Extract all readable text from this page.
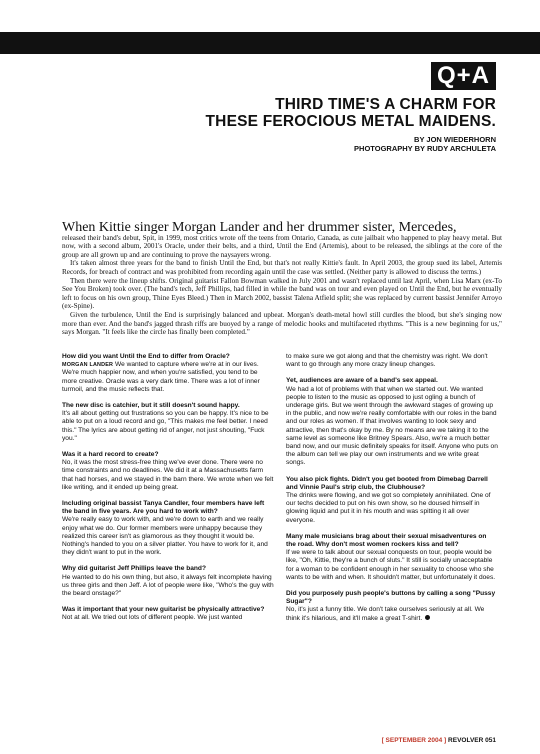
Q+A
THIRD TIME'S A CHARM FOR
THESE FEROCIOUS METAL MAIDENS.
BY JON WIEDERHORN
PHOTOGRAPHY BY RUDY ARCHULETA

When Kittie singer Morgan Lander and her drummer sister, Mercedes,
released their band's debut, Spit, in 1999, most critics wrote off the teens from Ontario, Canada, as cute jailbait who happened to play heavy metal. But now, with a second album, 2001's Oracle, under their belts, and a third, Until the End (Artemis), about to be released, the siblings at the core of the group are all grown up and are continuing to prove the naysayers wrong.

It's taken almost three years for the band to finish Until the End, but that's not really Kittie's fault. In April 2003, the group sued its label, Artemis Records, for breach of contract and was prohibited from recording again until the case was settled. (Neither party is allowed to discuss the terms.)

Then there were the lineup shifts. Original guitarist Fallon Bowman walked in July 2001 and wasn't replaced until last April, when Lisa Marx (ex-To See You Broken) took over. (The band's tech, Jeff Phillips, had filled in while the band was on tour and even played on Until the End, but he eventually left to focus on his own group, Thine Eyes Bleed.) Then in March 2002, bassist Talena Atfield split; she was replaced by current bassist Jennifer Arroyo (ex-Spine).

Given the turbulence, Until the End is surprisingly balanced and upbeat. Morgan's death-metal howl still curdles the blood, but she's singing now more than ever. And the band's jagged thrash riffs are buoyed by a range of melodic hooks and multifaceted rhythms. "This is a new beginning for us," says Morgan. "It feels like the circle has finally been completed."

How did you want Until the End to differ from Oracle?

MORGAN LANDER We wanted to capture where we're at in our lives. We're much happier now, and when you're satisfied, you tend to be more creative. Oracle was a very dark time. There was a lot of inner turmoil, and the music reflects that.

The new disc is catchier, but it still doesn't sound happy.

It's all about getting out frustrations so you can be happy. It's nice to be able to put on a loud record and go, "This makes me feel better. I need this." The lyrics are about getting rid of anger, not just shouting, "Fuck you."

Was it a hard record to create?

No, it was the most stress-free thing we've ever done. There were no time constraints and no deadlines. We did it at a Massachusetts farm that had horses, and we stayed in the barn there. We wrote when we felt like writing, and it ended up being great.

Including original bassist Tanya Candler, four members have left the band in five years. Are you hard to work with?

We're really easy to work with, and we're down to earth and we really enjoy what we do. Our former members were unhappy because they realized this career isn't as glamorous as they thought it would be. Nothing's handed to you on a silver platter. You have to work for it, and they didn't want to put in the work.

Why did guitarist Jeff Phillips leave the band?

He wanted to do his own thing, but also, it always felt incomplete having us three girls and then Jeff. A lot of people were like, "Who's the guy with the beard onstage?"

Was it important that your new guitarist be physically attractive?

Not at all. We tried out lots of different people. We just wanted

to make sure we got along and that the chemistry was right. We don't want to go through any more crazy lineup changes.

Yet, audiences are aware of a band's sex appeal.

We had a lot of problems with that when we started out. We wanted people to listen to the music as opposed to just ogling a bunch of underage girls. But we went through the awkward stages of growing up in the public, and now we're really comfortable with our roles in the band and our roles as women. If that involves wanting to look sexy and attractive, then that's okay by me. By no means are we taking it to the same level as someone like Britney Spears. Also, we're a much better band now, and our music definitely speaks for itself. Anyone who puts on the album can tell we play our own instruments and we write great songs.

You also pick fights. Didn't you get booted from Dimebag Darrell and Vinnie Paul's strip club, the Clubhouse?

The drinks were flowing, and we got so completely annihilated. One of our techs decided to put on his own show, so he doused himself in glowing liquid and put it in his mouth and was spitting it all over everyone.

Many male musicians brag about their sexual misadventures on the road. Why don't most women rockers kiss and tell?

If we were to talk about our sexual conquests on tour, people would be like, "Oh, Kittie, they're a bunch of sluts." It still is socially unacceptable for a woman to be confident enough in her sexuality to choose who she wants to be with and when. It shouldn't matter, but unfortunately it does.

Did you purposely push people's buttons by calling a song "Pussy Sugar"?

No, it's just a funny title. We don't take ourselves seriously at all. We think it's hilarious, and it'll make a great T-shirt.

[ SEPTEMBER 2004 ] REVOLVER 051
